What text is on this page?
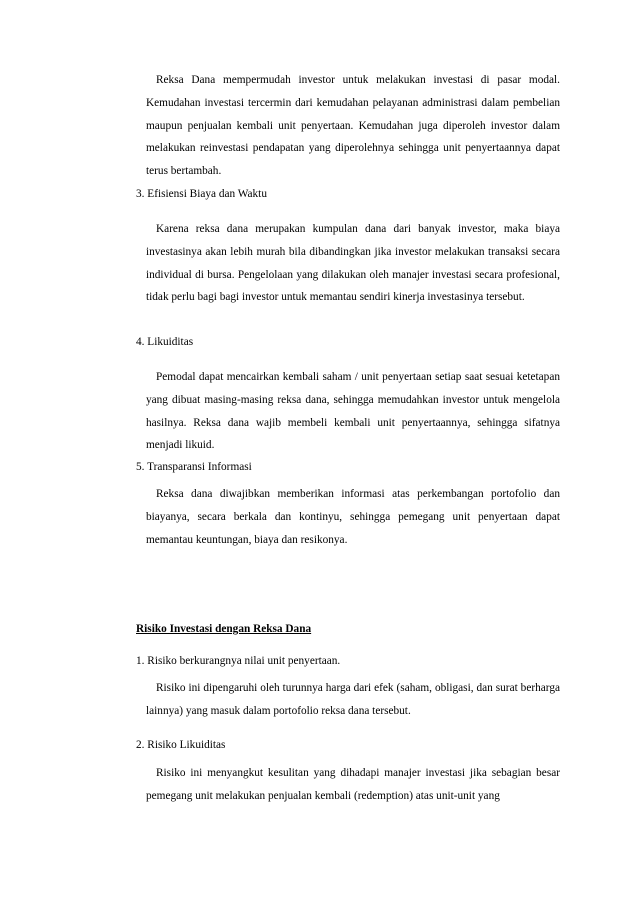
Reksa Dana mempermudah investor untuk melakukan investasi di pasar modal. Kemudahan investasi tercermin dari kemudahan pelayanan administrasi dalam pembelian maupun penjualan kembali unit penyertaan. Kemudahan juga diperoleh investor dalam melakukan reinvestasi pendapatan yang diperolehnya sehingga unit penyertaannya dapat terus bertambah.

3. Efisiensi Biaya dan Waktu

Karena reksa dana merupakan kumpulan dana dari banyak investor, maka biaya investasinya akan lebih murah bila dibandingkan jika investor melakukan transaksi secara individual di bursa. Pengelolaan yang dilakukan oleh manajer investasi secara profesional, tidak perlu bagi bagi investor untuk memantau sendiri kinerja investasinya tersebut.

4. Likuiditas

Pemodal dapat mencairkan kembali saham / unit penyertaan setiap saat sesuai ketetapan yang dibuat masing-masing reksa dana, sehingga memudahkan investor untuk mengelola hasilnya. Reksa dana wajib membeli kembali unit penyertaannya, sehingga sifatnya menjadi likuid.

5. Transparansi Informasi

Reksa dana diwajibkan memberikan informasi atas perkembangan portofolio dan biayanya, secara berkala dan kontinyu, sehingga pemegang unit penyertaan dapat memantau keuntungan, biaya dan resikonya.

Risiko Investasi dengan Reksa Dana

1. Risiko berkurangnya nilai unit penyertaan.

Risiko ini dipengaruhi oleh turunnya harga dari efek (saham, obligasi, dan surat berharga lainnya) yang masuk dalam portofolio reksa dana tersebut.

2. Risiko Likuiditas

Risiko ini menyangkut kesulitan yang dihadapi manajer investasi jika sebagian besar pemegang unit melakukan penjualan kembali (redemption) atas unit-unit yang
